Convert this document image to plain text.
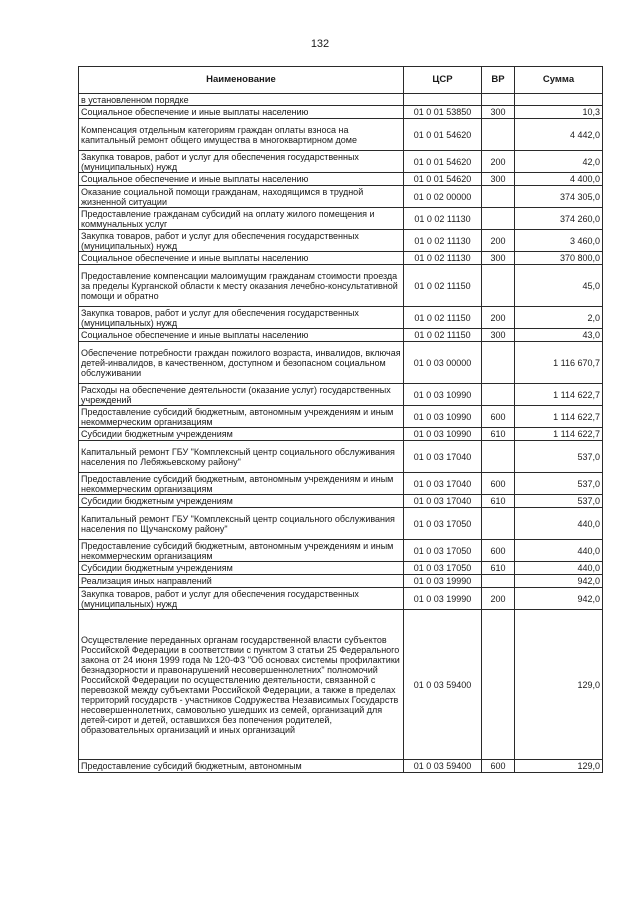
132
Наименование	ЦСР	ВР	Сумма
в установленном порядке			
Социальное обеспечение и иные выплаты населению	01 0 01 53850	300	10,3
Компенсация отдельным категориям граждан оплаты взноса на капитальный ремонт общего имущества в многоквартирном доме	01 0 01 54620		4 442,0
Закупка товаров, работ и услуг для обеспечения государственных (муниципальных) нужд	01 0 01 54620	200	42,0
Социальное обеспечение и иные выплаты населению	01 0 01 54620	300	4 400,0
Оказание социальной помощи гражданам, находящимся в трудной жизненной ситуации	01 0 02 00000		374 305,0
Предоставление гражданам субсидий на оплату жилого помещения и коммунальных услуг	01 0 02 11130		374 260,0
Закупка товаров, работ и услуг для обеспечения государственных (муниципальных) нужд	01 0 02 11130	200	3 460,0
Социальное обеспечение и иные выплаты населению	01 0 02 11130	300	370 800,0
Предоставление компенсации малоимущим гражданам стоимости проезда за пределы Курганской области к месту оказания лечебно-консультативной помощи и обратно	01 0 02 11150		45,0
Закупка товаров, работ и услуг для обеспечения государственных (муниципальных) нужд	01 0 02 11150	200	2,0
Социальное обеспечение и иные выплаты населению	01 0 02 11150	300	43,0
Обеспечение потребности граждан пожилого возраста, инвалидов, включая детей-инвалидов, в качественном, доступном и безопасном социальном обслуживании	01 0 03 00000		1 116 670,7
Расходы на обеспечение деятельности (оказание услуг) государственных учреждений	01 0 03 10990		1 114 622,7
Предоставление субсидий бюджетным, автономным учреждениям и иным некоммерческим организациям	01 0 03 10990	600	1 114 622,7
Субсидии бюджетным учреждениям	01 0 03 10990	610	1 114 622,7
Капитальный ремонт ГБУ "Комплексный центр социального обслуживания населения по Лебяжьевскому району"	01 0 03 17040		537,0
Предоставление субсидий бюджетным, автономным учреждениям и иным некоммерческим организациям	01 0 03 17040	600	537,0
Субсидии бюджетным учреждениям	01 0 03 17040	610	537,0
Капитальный ремонт ГБУ "Комплексный центр социального обслуживания населения по Щучанскому району"	01 0 03 17050		440,0
Предоставление субсидий бюджетным, автономным учреждениям и иным некоммерческим организациям	01 0 03 17050	600	440,0
Субсидии бюджетным учреждениям	01 0 03 17050	610	440,0
Реализация иных направлений	01 0 03 19990		942,0
Закупка товаров, работ и услуг для обеспечения государственных (муниципальных) нужд	01 0 03 19990	200	942,0
Осуществление переданных органам государственной власти субъектов Российской Федерации в соответствии с пунктом 3 статьи 25 Федерального закона от 24 июня 1999 года № 120-ФЗ "Об основах системы профилактики безнадзорности и правонарушений несовершеннолетних" полномочий Российской Федерации по осуществлению деятельности, связанной с перевозкой между субъектами Российской Федерации, а также в пределах территорий государств - участников Содружества Независимых Государств несовершеннолетних, самовольно ушедших из семей, организаций для детей-сирот и детей, оставшихся без попечения родителей, образовательных организаций и иных организаций	01 0 03 59400		129,0
Предоставление субсидий бюджетным, автономным	01 0 03 59400	600	129,0
